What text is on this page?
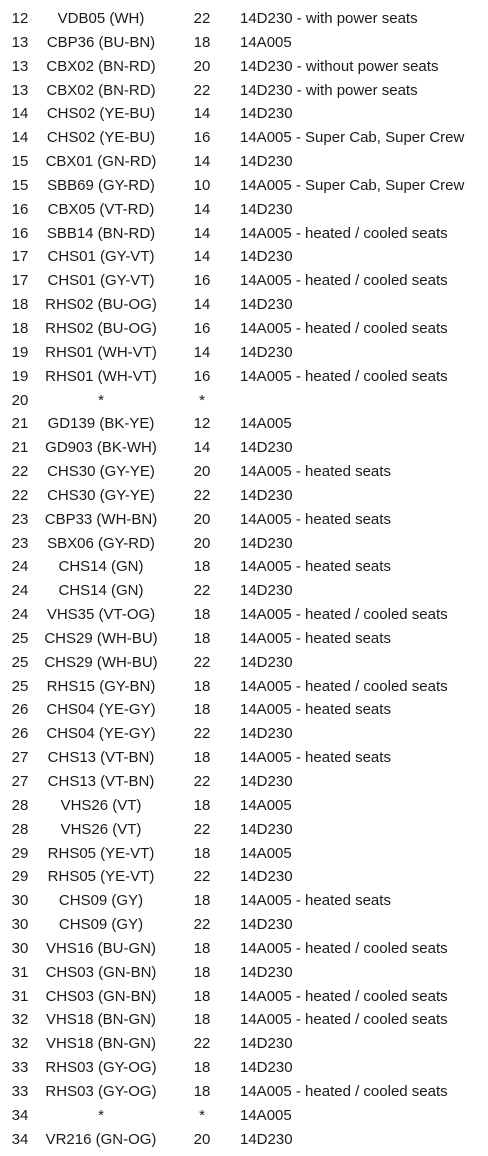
12	VDB05 (WH)	22	14D230 - with power seats
13	CBP36 (BU-BN)	18	14A005
13	CBX02 (BN-RD)	20	14D230 - without power seats
13	CBX02 (BN-RD)	22	14D230 - with power seats
14	CHS02 (YE-BU)	14	14D230
14	CHS02 (YE-BU)	16	14A005 - Super Cab, Super Crew
15	CBX01 (GN-RD)	14	14D230
15	SBB69 (GY-RD)	10	14A005 - Super Cab, Super Crew
16	CBX05 (VT-RD)	14	14D230
16	SBB14 (BN-RD)	14	14A005 - heated / cooled seats
17	CHS01 (GY-VT)	14	14D230
17	CHS01 (GY-VT)	16	14A005 - heated / cooled seats
18	RHS02 (BU-OG)	14	14D230
18	RHS02 (BU-OG)	16	14A005 - heated / cooled seats
19	RHS01 (WH-VT)	14	14D230
19	RHS01 (WH-VT)	16	14A005 - heated / cooled seats
20	*	*
21	GD139 (BK-YE)	12	14A005
21	GD903 (BK-WH)	14	14D230
22	CHS30 (GY-YE)	20	14A005 - heated seats
22	CHS30 (GY-YE)	22	14D230
23	CBP33 (WH-BN)	20	14A005 - heated seats
23	SBX06 (GY-RD)	20	14D230
24	CHS14 (GN)	18	14A005 - heated seats
24	CHS14 (GN)	22	14D230
24	VHS35 (VT-OG)	18	14A005 - heated / cooled seats
25	CHS29 (WH-BU)	18	14A005 - heated seats
25	CHS29 (WH-BU)	22	14D230
25	RHS15 (GY-BN)	18	14A005 - heated / cooled seats
26	CHS04 (YE-GY)	18	14A005 - heated seats
26	CHS04 (YE-GY)	22	14D230
27	CHS13 (VT-BN)	18	14A005 - heated seats
27	CHS13 (VT-BN)	22	14D230
28	VHS26 (VT)	18	14A005
28	VHS26 (VT)	22	14D230
29	RHS05 (YE-VT)	18	14A005
29	RHS05 (YE-VT)	22	14D230
30	CHS09 (GY)	18	14A005 - heated seats
30	CHS09 (GY)	22	14D230
30	VHS16 (BU-GN)	18	14A005 - heated / cooled seats
31	CHS03 (GN-BN)	18	14D230
31	CHS03 (GN-BN)	18	14A005 - heated / cooled seats
32	VHS18 (BN-GN)	18	14A005 - heated / cooled seats
32	VHS18 (BN-GN)	22	14D230
33	RHS03 (GY-OG)	18	14D230
33	RHS03 (GY-OG)	18	14A005 - heated / cooled seats
34	*	*	14A005
34	VR216 (GN-OG)	20	14D230
